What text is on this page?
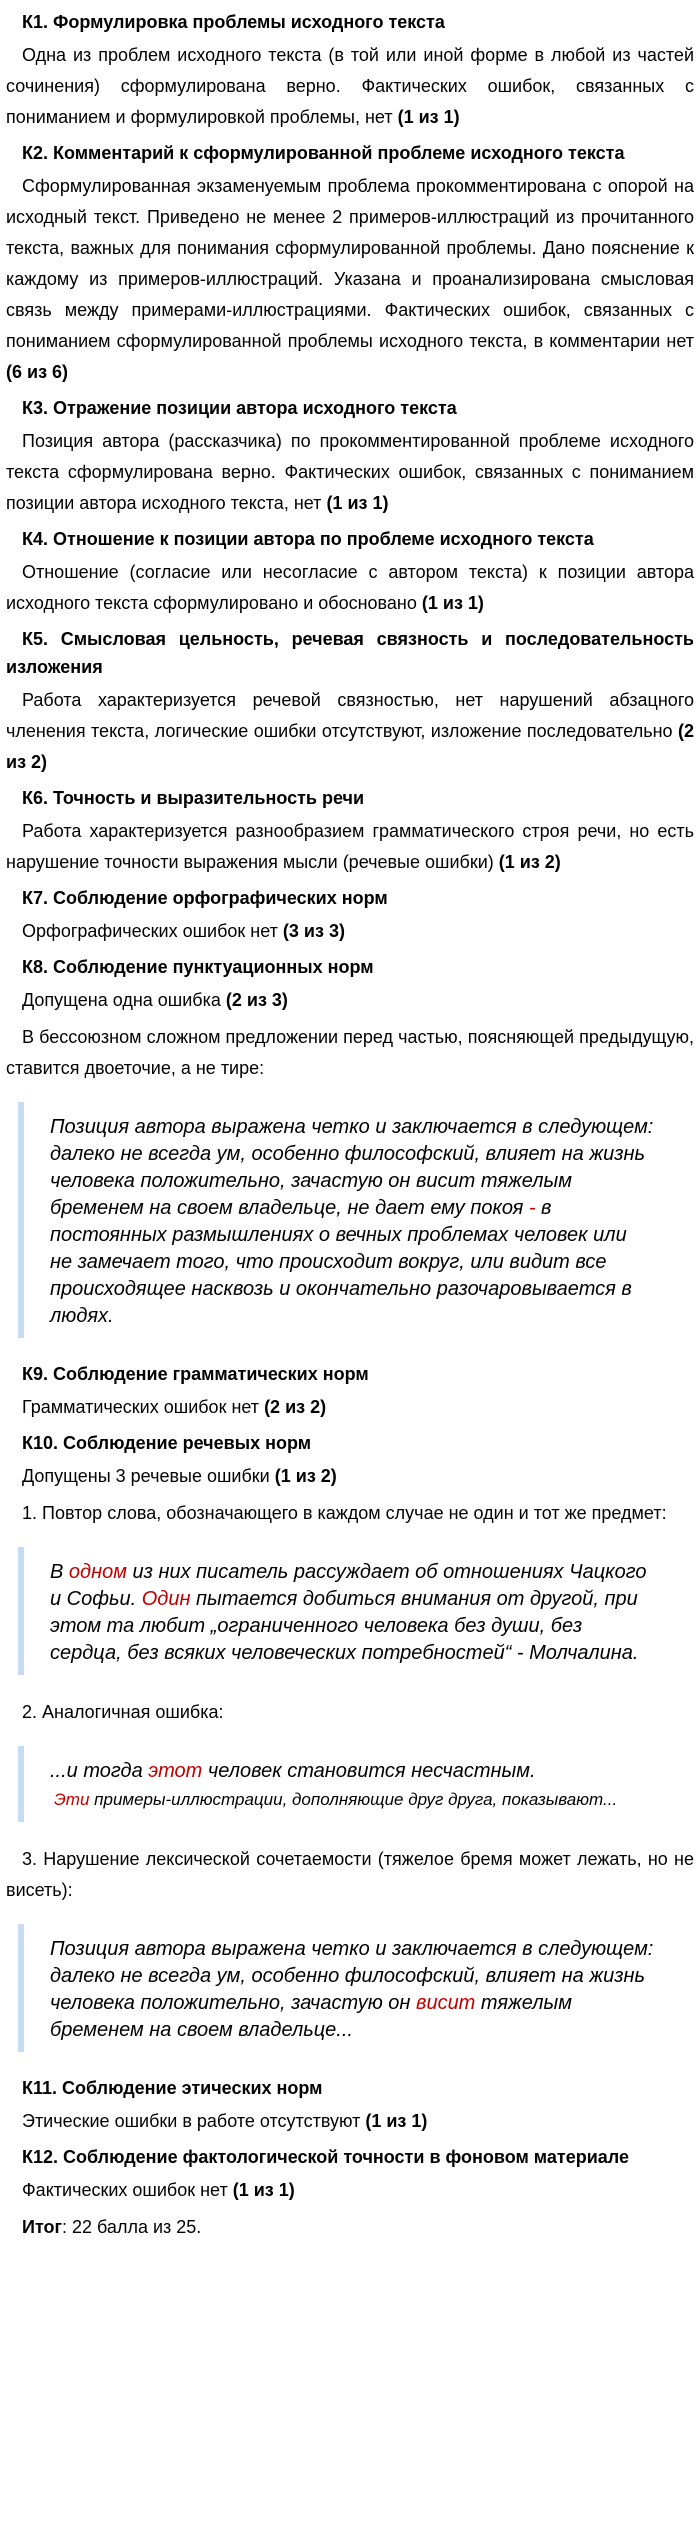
К1. Формулировка проблемы исходного текста

Одна из проблем исходного текста (в той или иной форме в любой из частей сочинения) сформулирована верно. Фактических ошибок, связанных с пониманием и формулировкой проблемы, нет (1 из 1)

К2. Комментарий к сформулированной проблеме исходного текста

Сформулированная экзаменуемым проблема прокомментирована с опорой на исходный текст. Приведено не менее 2 примеров-иллюстраций из прочитанного текста, важных для понимания сформулированной проблемы. Дано пояснение к каждому из примеров-иллюстраций. Указана и проанализирована смысловая связь между примерами-иллюстрациями. Фактических ошибок, связанных с пониманием сформулированной проблемы исходного текста, в комментарии нет (6 из 6)

К3. Отражение позиции автора исходного текста

Позиция автора (рассказчика) по прокомментированной проблеме исходного текста сформулирована верно. Фактических ошибок, связанных с пониманием позиции автора исходного текста, нет (1 из 1)

К4. Отношение к позиции автора по проблеме исходного текста

Отношение (согласие или несогласие с автором текста) к позиции автора исходного текста сформулировано и обосновано (1 из 1)

К5. Смысловая цельность, речевая связность и последовательность изложения

Работа характеризуется речевой связностью, нет нарушений абзацного членения текста, логические ошибки отсутствуют, изложение последовательно (2 из 2)

К6. Точность и выразительность речи

Работа характеризуется разнообразием грамматического строя речи, но есть нарушение точности выражения мысли (речевые ошибки) (1 из 2)

К7. Соблюдение орфографических норм

Орфографических ошибок нет (3 из 3)

К8. Соблюдение пунктуационных норм

Допущена одна ошибка (2 из 3)

В бессоюзном сложном предложении перед частью, поясняющей предыдущую, ставится двоеточие, а не тире:

Позиция автора выражена четко и заключается в следующем: далеко не всегда ум, особенно философский, влияет на жизнь человека положительно, зачастую он висит тяжелым бременем на своем владельце, не дает ему покоя - в постоянных размышлениях о вечных проблемах человек или не замечает того, что происходит вокруг, или видит все происходящее насквозь и окончательно разочаровывается в людях.
К9. Соблюдение грамматических норм

Грамматических ошибок нет (2 из 2)

К10. Соблюдение речевых норм

Допущены 3 речевые ошибки (1 из 2)

1. Повтор слова, обозначающего в каждом случае не один и тот же предмет:

В одном из них писатель рассуждает об отношениях Чацкого и Софьи. Один пытается добиться внимания от другой, при этом та любит „ограниченного человека без души, без сердца, без всяких человеческих потребностей“ - Молчалина.

2. Аналогичная ошибка:

...и тогда этот человек становится несчастным.
Эти примеры-иллюстрации, дополняющие друг друга, показывают...

3. Нарушение лексической сочетаемости (тяжелое бремя может лежать, но не висеть):

Позиция автора выражена четко и заключается в следующем: далеко не всегда ум, особенно философский, влияет на жизнь человека положительно, зачастую он висит тяжелым бременем на своем владельце...
К11. Соблюдение этических норм

Этические ошибки в работе отсутствуют (1 из 1)

К12. Соблюдение фактологической точности в фоновом материале

Фактических ошибок нет (1 из 1)

Итог: 22 балла из 25.
